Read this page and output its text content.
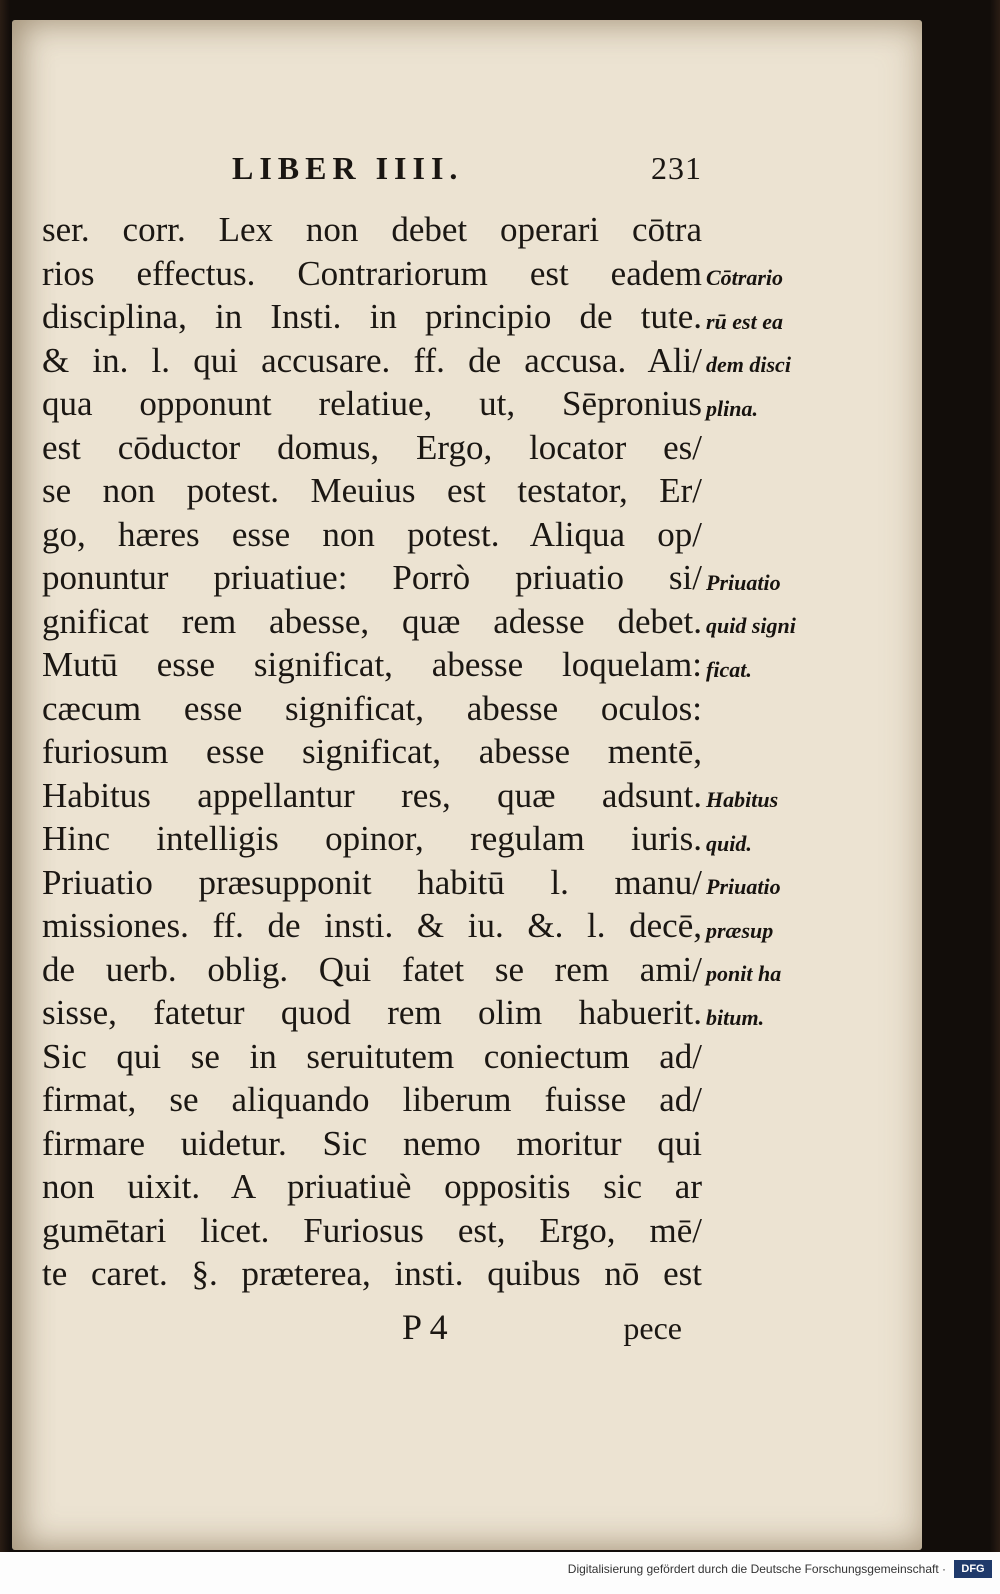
LIBER IIII.	231
ser. corr. Lex non debet operari cōtra
rios effectus. Contrariorum est eadem
disciplina, in Insti. in principio de tute.
& in. l. qui accusare. ff. de accusa. Ali/
qua opponunt relatiue, ut, Sēpronius
est cōductor domus, Ergo, locator es/
se non potest. Meuius est testator, Er/
go, hæres esse non potest. Aliqua op/
ponuntur priuatiue: Porrò priuatio si/
gnificat rem abesse, quæ adesse debet.
Mutū esse significat, abesse loquelam:
cæcum esse significat, abesse oculos:
furiosum esse significat, abesse mentē,
Habitus appellantur res, quæ adsunt.
Hinc intelligis opinor, regulam iuris.
Priuatio præsupponit habitū l. manu/
missiones. ff. de insti. & iu. &. l. decē,
de uerb. oblig. Qui fatet se rem ami/
sisse, fatetur quod rem olim habuerit.
Sic qui se in seruitutem coniectum ad/
firmat, se aliquando liberum fuisse ad/
firmare uidetur. Sic nemo moritur qui
non uixit. A priuatiuè oppositis sic ar
gumētari licet. Furiosus est, Ergo, mē/
te caret. §. præterea, insti. quibus nō est
Cōtrario
rū est ea
dem disci
plina.
Priuatio
quid signi
ficat.
Habitus
quid.
Priuatio
præsup
ponit ha
bitum.
P 4	pece
Digitalisierung gefördert durch die Deutsche Forschungsgemeinschaft ·	DFG
